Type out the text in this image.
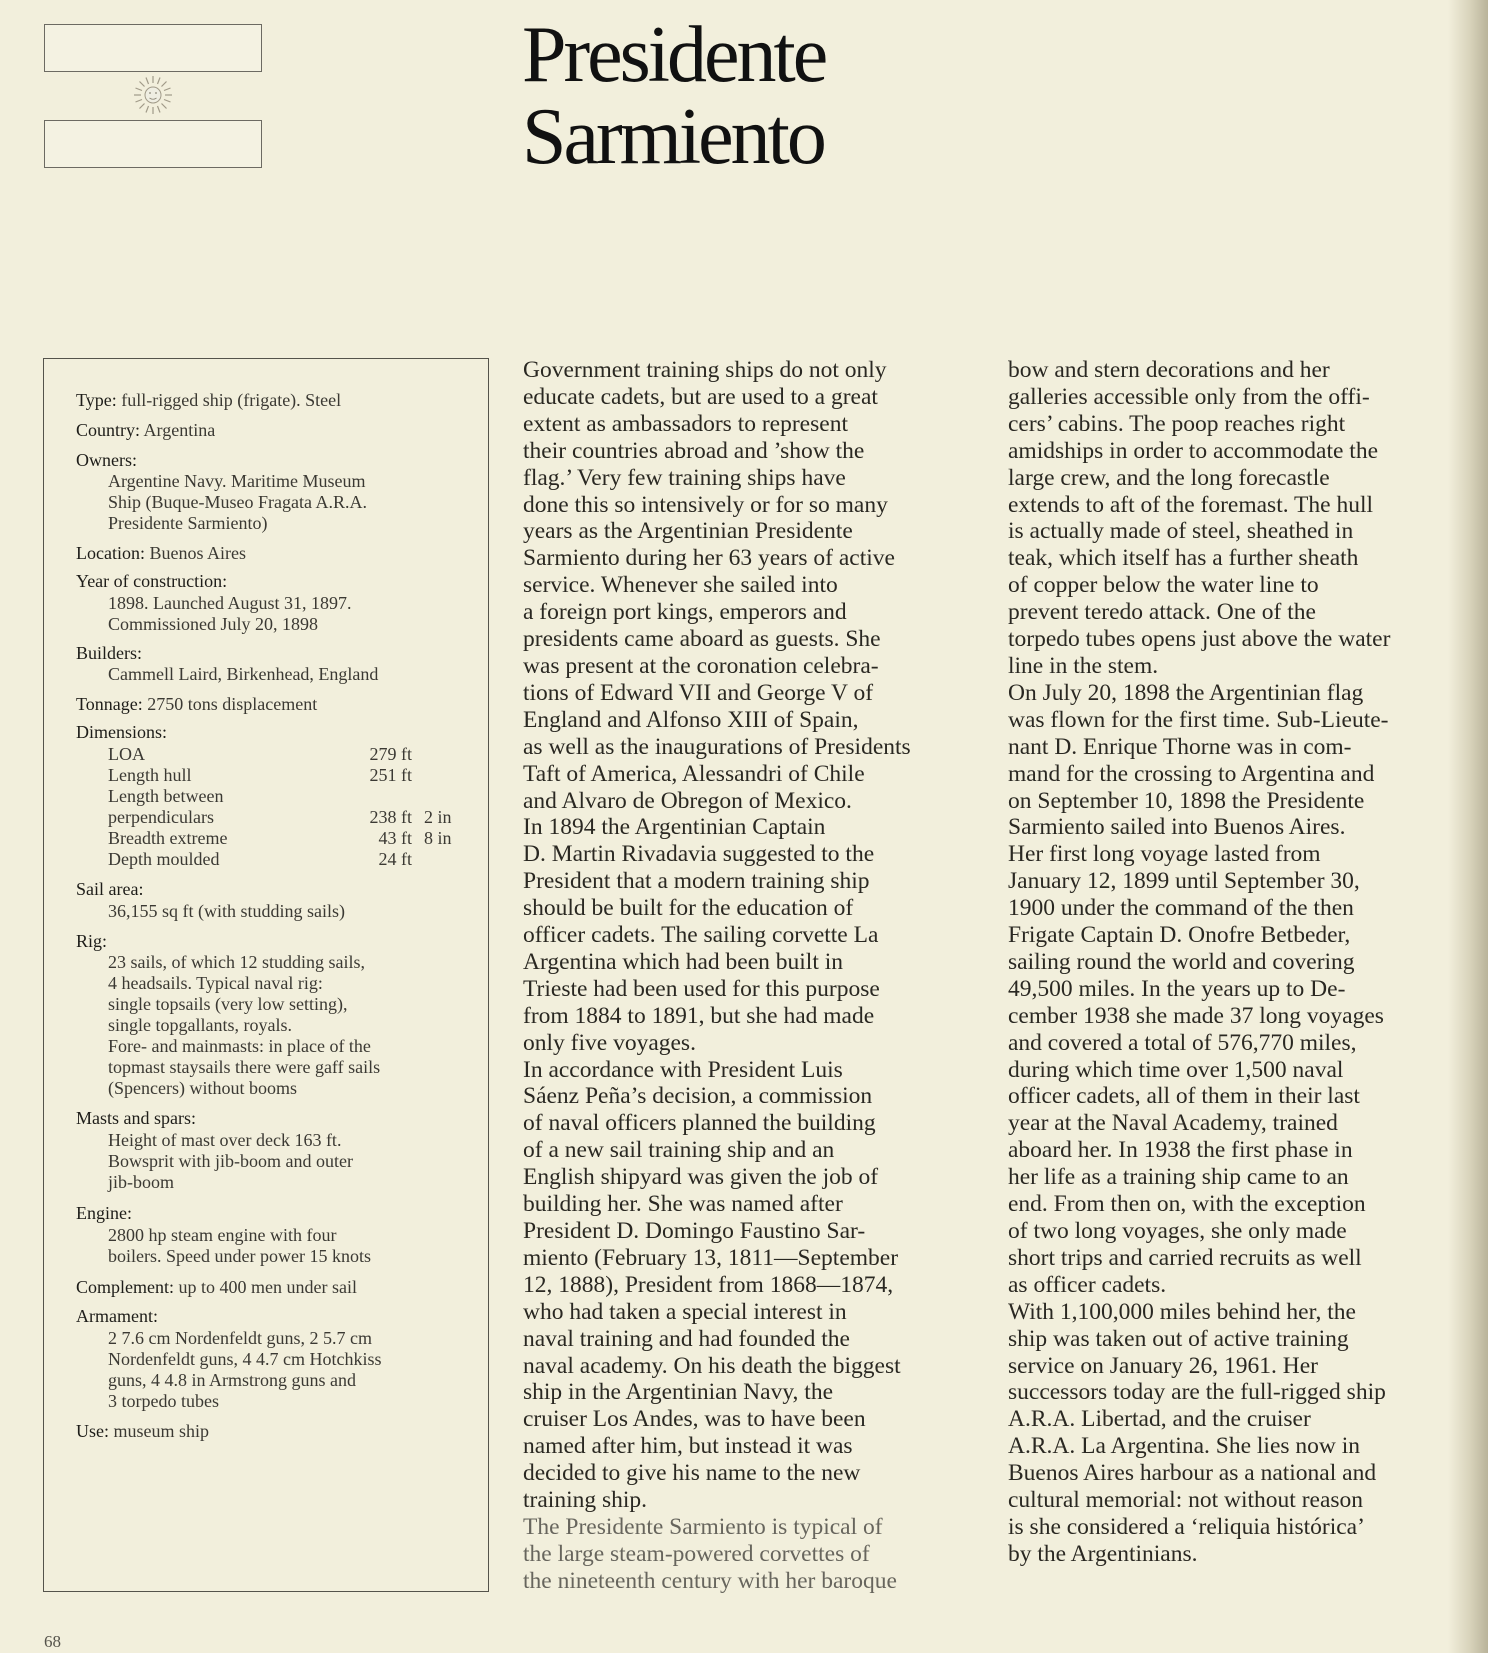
Presidente
Sarmiento
Type: full-rigged ship (frigate). Steel
Country: Argentina
Owners:
Argentine Navy. Maritime Museum
Ship (Buque-Museo Fragata A.R.A.
Presidente Sarmiento)
Location: Buenos Aires
Year of construction:
1898. Launched August 31, 1897.
Commissioned July 20, 1898
Builders:
Cammell Laird, Birkenhead, England
Tonnage: 2750 tons displacement
Dimensions:
LOA	279 ft
Length hull	251 ft
Length between
perpendiculars	238 ft 2 in
Breadth extreme	43 ft 8 in
Depth moulded	24 ft
Sail area:
36,155 sq ft (with studding sails)
Rig:
23 sails, of which 12 studding sails,
4 headsails. Typical naval rig:
single topsails (very low setting),
single topgallants, royals.
Fore- and mainmasts: in place of the
topmast staysails there were gaff sails
(Spencers) without booms
Masts and spars:
Height of mast over deck 163 ft.
Bowsprit with jib-boom and outer
jib-boom
Engine:
2800 hp steam engine with four
boilers. Speed under power 15 knots
Complement: up to 400 men under sail
Armament:
2 7.6 cm Nordenfeldt guns, 2 5.7 cm
Nordenfeldt guns, 4 4.7 cm Hotchkiss
guns, 4 4.8 in Armstrong guns and
3 torpedo tubes
Use: museum ship

Government training ships do not only

educate cadets, but are used to a great

extent as ambassadors to represent

their countries abroad and ’show the

flag.’ Very few training ships have

done this so intensively or for so many

years as the Argentinian Presidente

Sarmiento during her 63 years of active

service. Whenever she sailed into

a foreign port kings, emperors and

presidents came aboard as guests. She

was present at the coronation celebra-

tions of Edward VII and George V of

England and Alfonso XIII of Spain,

as well as the inaugurations of Presidents

Taft of America, Alessandri of Chile

and Alvaro de Obregon of Mexico.

In 1894 the Argentinian Captain

D. Martin Rivadavia suggested to the

President that a modern training ship

should be built for the education of

officer cadets. The sailing corvette La

Argentina which had been built in

Trieste had been used for this purpose

from 1884 to 1891, but she had made

only five voyages.

In accordance with President Luis

Sáenz Peña’s decision, a commission

of naval officers planned the building

of a new sail training ship and an

English shipyard was given the job of

building her. She was named after

President D. Domingo Faustino Sar-

miento (February 13, 1811—September

12, 1888), President from 1868—1874,

who had taken a special interest in

naval training and had founded the

naval academy. On his death the biggest

ship in the Argentinian Navy, the

cruiser Los Andes, was to have been

named after him, but instead it was

decided to give his name to the new

training ship.

The Presidente Sarmiento is typical of

the large steam-powered corvettes of

the nineteenth century with her baroque

bow and stern decorations and her

galleries accessible only from the offi-

cers’ cabins. The poop reaches right

amidships in order to accommodate the

large crew, and the long forecastle

extends to aft of the foremast. The hull

is actually made of steel, sheathed in

teak, which itself has a further sheath

of copper below the water line to

prevent teredo attack. One of the

torpedo tubes opens just above the water

line in the stem.

On July 20, 1898 the Argentinian flag

was flown for the first time. Sub-Lieute-

nant D. Enrique Thorne was in com-

mand for the crossing to Argentina and

on September 10, 1898 the Presidente

Sarmiento sailed into Buenos Aires.

Her first long voyage lasted from

January 12, 1899 until September 30,

1900 under the command of the then

Frigate Captain D. Onofre Betbeder,

sailing round the world and covering

49,500 miles. In the years up to De-

cember 1938 she made 37 long voyages

and covered a total of 576,770 miles,

during which time over 1,500 naval

officer cadets, all of them in their last

year at the Naval Academy, trained

aboard her. In 1938 the first phase in

her life as a training ship came to an

end. From then on, with the exception

of two long voyages, she only made

short trips and carried recruits as well

as officer cadets.

With 1,100,000 miles behind her, the

ship was taken out of active training

service on January 26, 1961. Her

successors today are the full-rigged ship

A.R.A. Libertad, and the cruiser

A.R.A. La Argentina. She lies now in

Buenos Aires harbour as a national and

cultural memorial: not without reason

is she considered a ‘reliquia histórica’

by the Argentinians.

68
